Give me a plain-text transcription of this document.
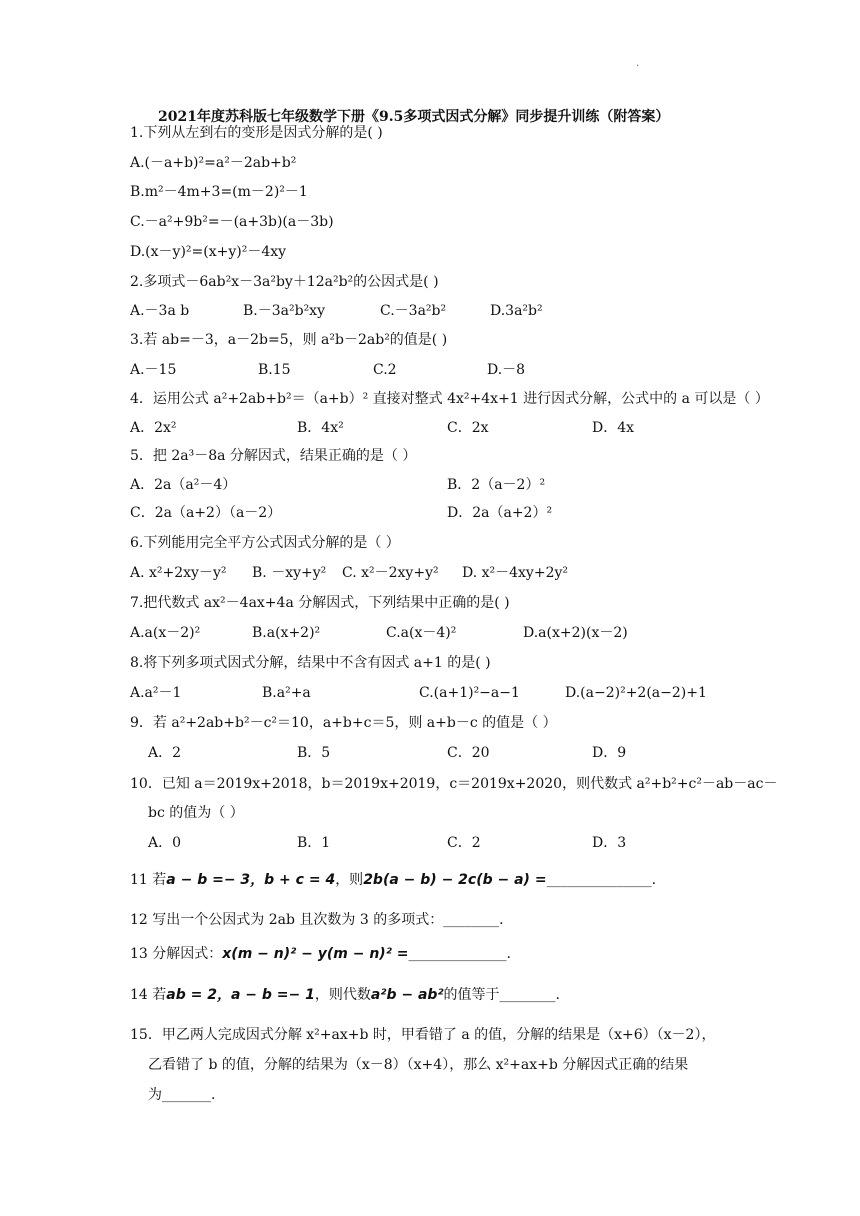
.
2021年度苏科版七年级数学下册《9.5多项式因式分解》同步提升训练（附答案）
1.下列从左到右的变形是因式分解的是( )
A.(－a+b)²=a²－2ab+b²
B.m²－4m+3=(m－2)²－1
C.－a²+9b²=－(a+3b)(a－3b)
D.(x－y)²=(x+y)²－4xy
2.多项式－6ab²x－3a²by＋12a²b²的公因式是( )
A.－3a b	B.－3a²b²xy	C.－3a²b²	D.3a²b²
3.若 ab=－3，a－2b=5，则 a²b－2ab²的值是( )
A.－15	B.15	C.2	D.－8
4．运用公式 a²+2ab+b²＝（a+b）² 直接对整式 4x²+4x+1 进行因式分解，公式中的 a 可以是（ ）
A．2x²	B．4x²	C．2x	D．4x
5．把 2a³－8a 分解因式，结果正确的是（ ）
A．2a（a²－4）	B．2（a－2）²
C．2a（a+2）（a－2）	D．2a（a+2）²
6.下列能用完全平方公式因式分解的是（ ）
A. x²+2xy－y² B. －xy+y² C. x²－2xy+y² D. x²－4xy+2y²
7.把代数式 ax²－4ax+4a 分解因式，下列结果中正确的是( )
A.a(x－2)²	B.a(x+2)²	C.a(x－4)²	D.a(x+2)(x－2)
8.将下列多项式因式分解，结果中不含有因式 a+1 的是( )
A.a²－1	B.a²+a	C.(a+1)²−a−1	D.(a−2)²+2(a−2)+1
9．若 a²+2ab+b²－c²＝10，a+b+c＝5，则 a+b－c 的值是（ ）
A．2	B．5	C．20	D．9
10．已知 a＝2019x+2018，b＝2019x+2019，c＝2019x+2020，则代数式 a²+b²+c²－ab－ac－
bc 的值为（ ）
A．0	B．1	C．2	D．3
11 若a − b =− 3，b + c = 4，则2b(a − b) − 2c(b − a) =_______________.
12 写出一个公因式为 2ab 且次数为 3 的多项式：________.
13 分解因式：x(m − n)² − y(m − n)² =______________.
14 若ab = 2，a − b =− 1，则代数a²b − ab²的值等于________.
15．甲乙两人完成因式分解 x²+ax+b 时，甲看错了 a 的值，分解的结果是（x+6）（x－2），
乙看错了 b 的值，分解的结果为（x－8）（x+4），那么 x²+ax+b 分解因式正确的结果
为_______.
